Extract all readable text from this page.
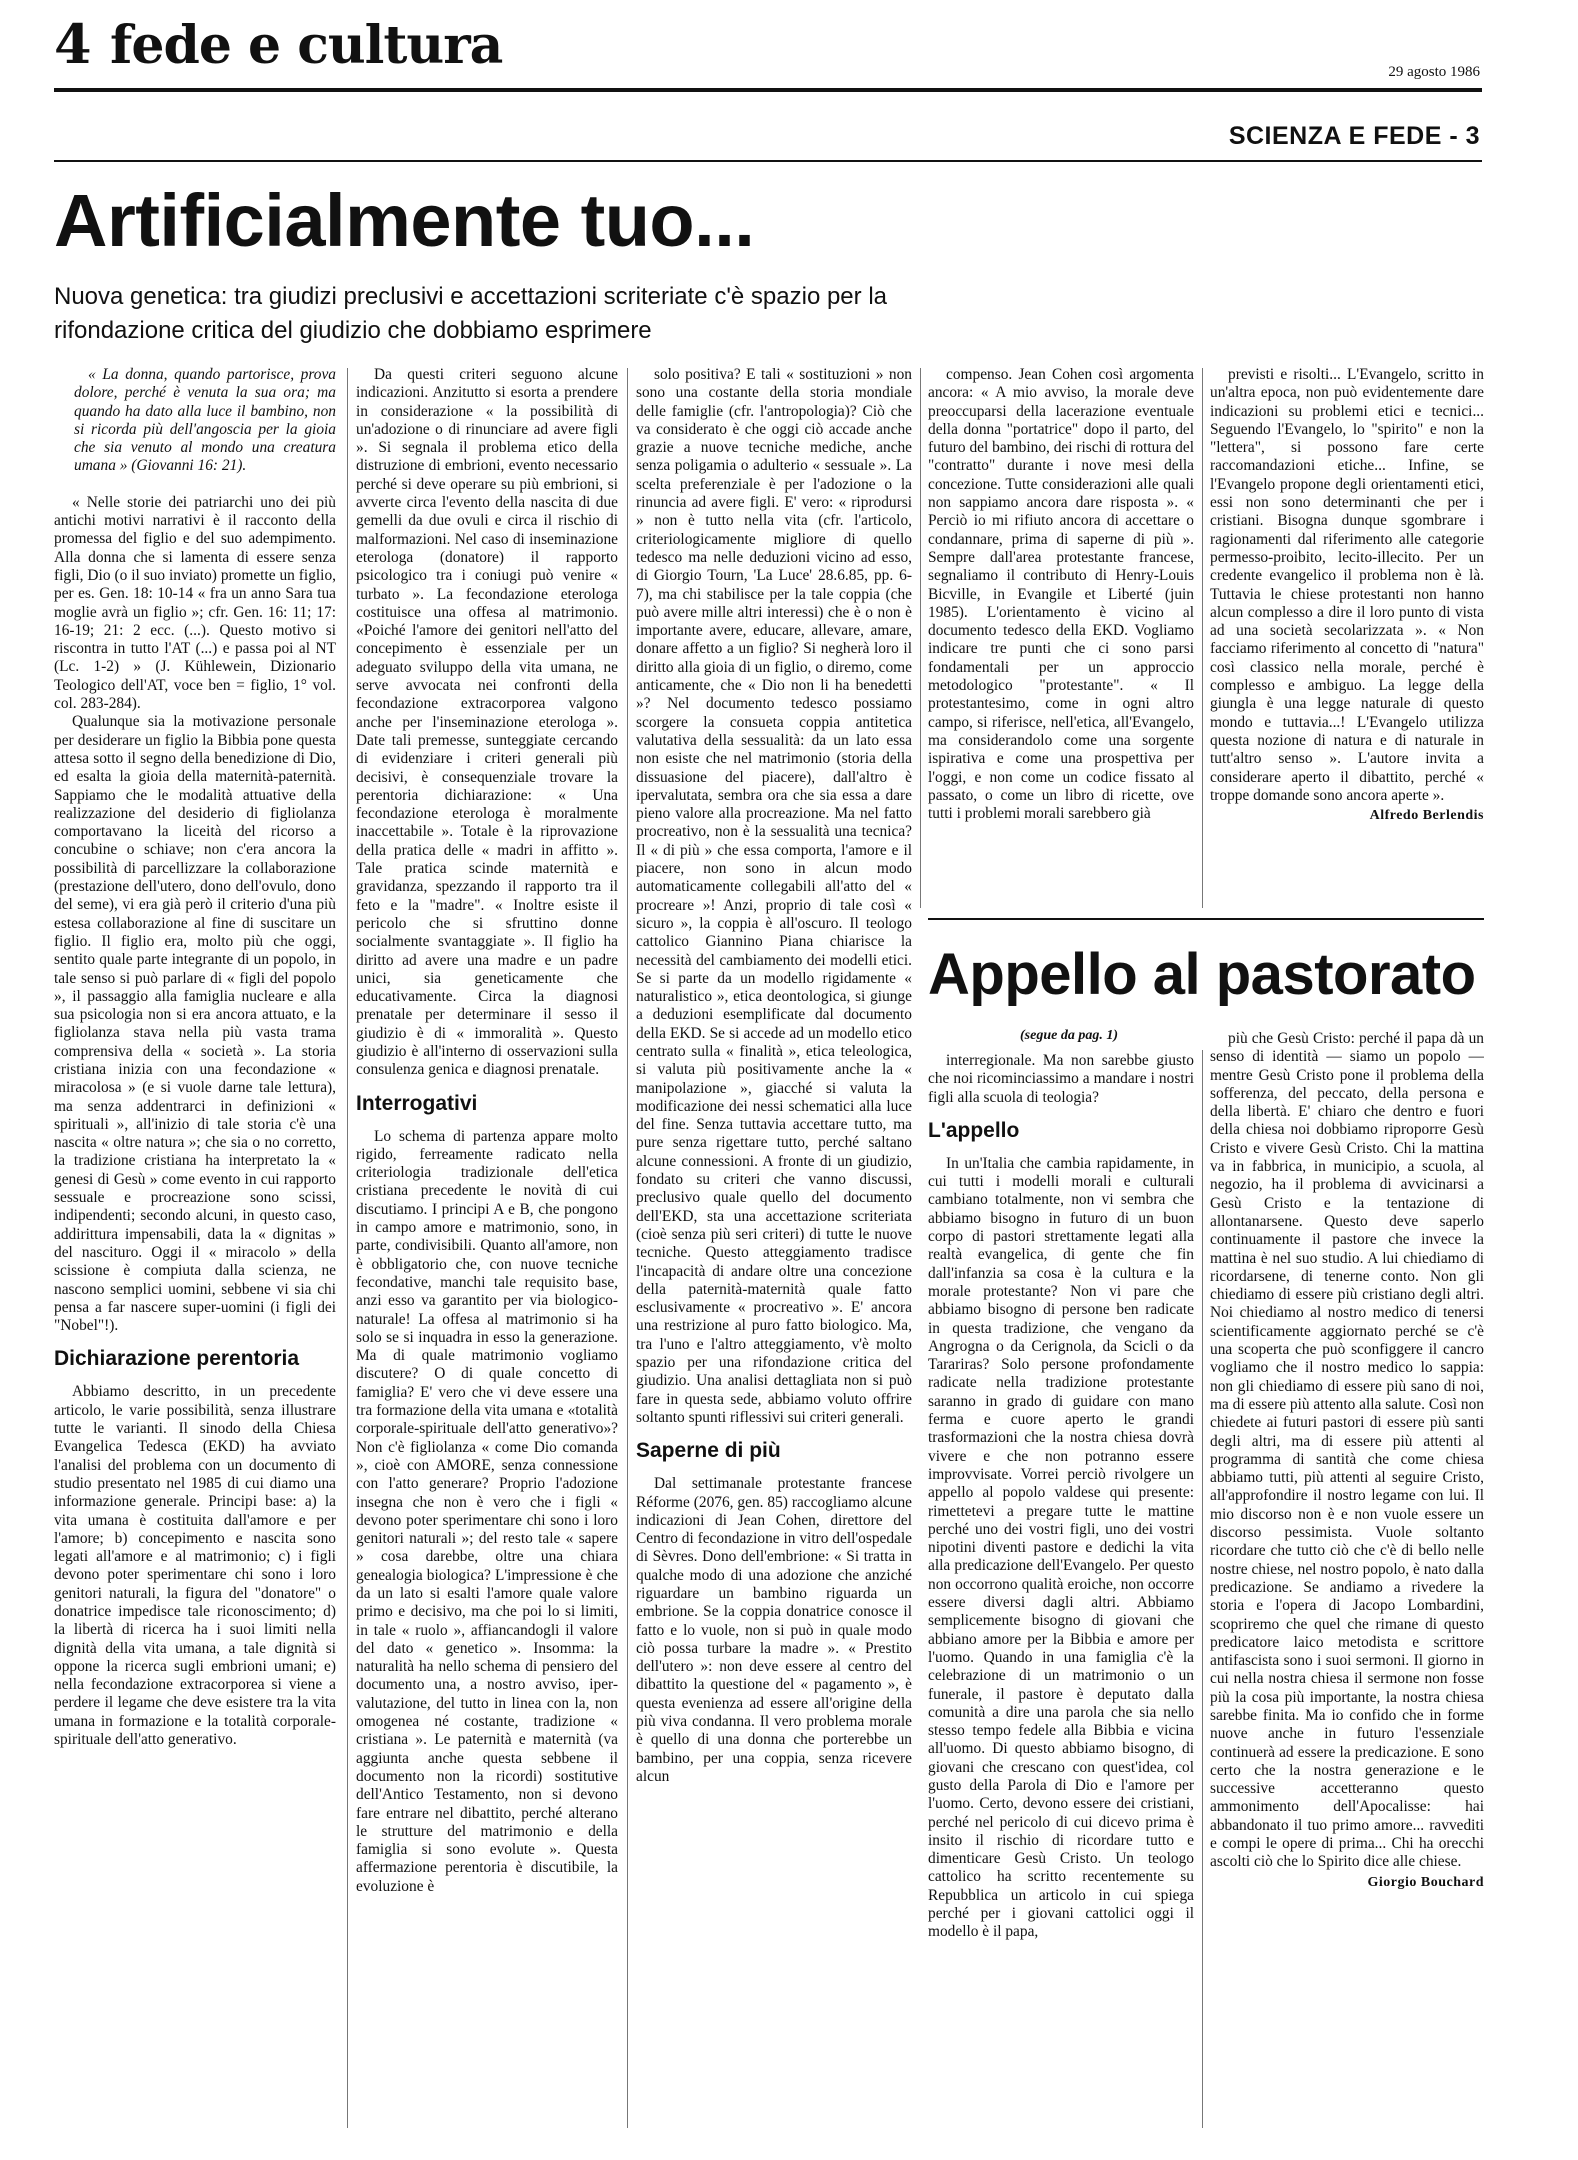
4 fede e cultura	29 agosto 1986
SCIENZA E FEDE - 3
Artificialmente tuo...
Nuova genetica: tra giudizi preclusivi e accettazioni scriteriate c'è spazio per la rifondazione critica del giudizio che dobbiamo esprimere

« La donna, quando partorisce, prova dolore, perché è venuta la sua ora; ma quando ha dato alla luce il bambino, non si ricorda più dell'angoscia per la gioia che sia venuto al mondo una creatura umana » (Giovanni 16: 21).

« Nelle storie dei patriarchi uno dei più antichi motivi narrativi è il racconto della promessa del figlio e del suo adempimento. Alla donna che si lamenta di essere senza figli, Dio (o il suo inviato) promette un figlio, per es. Gen. 18: 10-14 « fra un anno Sara tua moglie avrà un figlio »; cfr. Gen. 16: 11; 17: 16-19; 21: 2 ecc. (...). Questo motivo si riscontra in tutto l'AT (...) e passa poi al NT (Lc. 1-2) » (J. Kühlewein, Dizionario Teologico dell'AT, voce ben = figlio, 1° vol. col. 283-284).

Qualunque sia la motivazione personale per desiderare un figlio la Bibbia pone questa attesa sotto il segno della benedizione di Dio, ed esalta la gioia della maternità-paternità. Sappiamo che le modalità attuative della realizzazione del desiderio di figliolanza comportavano la liceità del ricorso a concubine o schiave; non c'era ancora la possibilità di parcellizzare la collaborazione (prestazione dell'utero, dono dell'ovulo, dono del seme), vi era già però il criterio d'una più estesa collaborazione al fine di suscitare un figlio. Il figlio era, molto più che oggi, sentito quale parte integrante di un popolo, in tale senso si può parlare di « figli del popolo », il passaggio alla famiglia nucleare e alla sua psicologia non si era ancora attuato, e la figliolanza stava nella più vasta trama comprensiva della « società ». La storia cristiana inizia con una fecondazione « miracolosa » (e si vuole darne tale lettura), ma senza addentrarci in definizioni « spirituali », all'inizio di tale storia c'è una nascita « oltre natura »; che sia o no corretto, la tradizione cristiana ha interpretato la « genesi di Gesù » come evento in cui rapporto sessuale e procreazione sono scissi, indipendenti; secondo alcuni, in questo caso, addirittura impensabili, data la « dignitas » del nascituro. Oggi il « miracolo » della scissione è compiuta dalla scienza, ne nascono semplici uomini, sebbene vi sia chi pensa a far nascere super-uomini (i figli dei "Nobel"!).

Dichiarazione perentoria

Abbiamo descritto, in un precedente articolo, le varie possibilità, senza illustrare tutte le varianti. Il sinodo della Chiesa Evangelica Tedesca (EKD) ha avviato l'analisi del problema con un documento di studio presentato nel 1985 di cui diamo una informazione generale. Principi base: a) la vita umana è costituita dall'amore e per l'amore; b) concepimento e nascita sono legati all'amore e al matrimonio; c) i figli devono poter sperimentare chi sono i loro genitori naturali, la figura del "donatore" o donatrice impedisce tale riconoscimento; d) la libertà di ricerca ha i suoi limiti nella dignità della vita umana, a tale dignità si oppone la ricerca sugli embrioni umani; e) nella fecondazione extracorporea si viene a perdere il legame che deve esistere tra la vita umana in formazione e la totalità corporale-spirituale dell'atto generativo.

Da questi criteri seguono alcune indicazioni. Anzitutto si esorta a prendere in considerazione « la possibilità di un'adozione o di rinunciare ad avere figli ». Si segnala il problema etico della distruzione di embrioni, evento necessario perché si deve operare su più embrioni, si avverte circa l'evento della nascita di due gemelli da due ovuli e circa il rischio di malformazioni. Nel caso di inseminazione eterologa (donatore) il rapporto psicologico tra i coniugi può venire « turbato ». La fecondazione eterologa costituisce una offesa al matrimonio. «Poiché l'amore dei genitori nell'atto del concepimento è essenziale per un adeguato sviluppo della vita umana, ne serve avvocata nei confronti della fecondazione extracorporea valgono anche per l'inseminazione eterologa ». Date tali premesse, sunteggiate cercando di evidenziare i criteri generali più decisivi, è consequenziale trovare la perentoria dichiarazione: « Una fecondazione eterologa è moralmente inaccettabile ». Totale è la riprovazione della pratica delle « madri in affitto ». Tale pratica scinde maternità e gravidanza, spezzando il rapporto tra il feto e la "madre". « Inoltre esiste il pericolo che si sfruttino donne socialmente svantaggiate ». Il figlio ha diritto ad avere una madre e un padre unici, sia geneticamente che educativamente. Circa la diagnosi prenatale per determinare il sesso il giudizio è di « immoralità ». Questo giudizio è all'interno di osservazioni sulla consulenza genica e diagnosi prenatale.

Interrogativi

Lo schema di partenza appare molto rigido, ferreamente radicato nella criteriologia tradizionale dell'etica cristiana precedente le novità di cui discutiamo. I principi A e B, che pongono in campo amore e matrimonio, sono, in parte, condivisibili. Quanto all'amore, non è obbligatorio che, con nuove tecniche fecondative, manchi tale requisito base, anzi esso va garantito per via biologico-naturale! La offesa al matrimonio si ha solo se si inquadra in esso la generazione. Ma di quale matrimonio vogliamo discutere? O di quale concetto di famiglia? E' vero che vi deve essere una tra formazione della vita umana e «totalità corporale-spirituale dell'atto generativo»? Non c'è figliolanza « come Dio comanda », cioè con AMORE, senza connessione con l'atto generare? Proprio l'adozione insegna che non è vero che i figli « devono poter sperimentare chi sono i loro genitori naturali »; del resto tale « sapere » cosa darebbe, oltre una chiara genealogia biologica? L'impressione è che da un lato si esalti l'amore quale valore primo e decisivo, ma che poi lo si limiti, in tale « ruolo », affiancandogli il valore del dato « genetico ». Insomma: la naturalità ha nello schema di pensiero del documento una, a nostro avviso, iper-valutazione, del tutto in linea con la, non omogenea né costante, tradizione « cristiana ». Le paternità e maternità (va aggiunta anche questa sebbene il documento non la ricordi) sostitutive dell'Antico Testamento, non si devono fare entrare nel dibattito, perché alterano le strutture del matrimonio e della famiglia si sono evolute ». Questa affermazione perentoria è discutibile, la evoluzione è

solo positiva? E tali « sostituzioni » non sono una costante della storia mondiale delle famiglie (cfr. l'antropologia)? Ciò che va considerato è che oggi ciò accade anche grazie a nuove tecniche mediche, anche senza poligamia o adulterio « sessuale ». La scelta preferenziale è per l'adozione o la rinuncia ad avere figli. E' vero: « riprodursi » non è tutto nella vita (cfr. l'articolo, criteriologicamente migliore di quello tedesco ma nelle deduzioni vicino ad esso, di Giorgio Tourn, 'La Luce' 28.6.85, pp. 6-7), ma chi stabilisce per la tale coppia (che può avere mille altri interessi) che è o non è importante avere, educare, allevare, amare, donare affetto a un figlio? Si negherà loro il diritto alla gioia di un figlio, o diremo, come anticamente, che « Dio non li ha benedetti »? Nel documento tedesco possiamo scorgere la consueta coppia antitetica valutativa della sessualità: da un lato essa non esiste che nel matrimonio (storia della dissuasione del piacere), dall'altro è ipervalutata, sembra ora che sia essa a dare pieno valore alla procreazione. Ma nel fatto procreativo, non è la sessualità una tecnica? Il « di più » che essa comporta, l'amore e il piacere, non sono in alcun modo automaticamente collegabili all'atto del « procreare »! Anzi, proprio di tale così « sicuro », la coppia è all'oscuro. Il teologo cattolico Giannino Piana chiarisce la necessità del cambiamento dei modelli etici. Se si parte da un modello rigidamente « naturalistico », etica deontologica, si giunge a deduzioni esemplificate dal documento della EKD. Se si accede ad un modello etico centrato sulla « finalità », etica teleologica, si valuta più positivamente anche la « manipolazione », giacché si valuta la modificazione dei nessi schematici alla luce del fine. Senza tuttavia accettare tutto, ma pure senza rigettare tutto, perché saltano alcune connessioni. A fronte di un giudizio, fondato su criteri che vanno discussi, preclusivo quale quello del documento dell'EKD, sta una accettazione scriteriata (cioè senza più seri criteri) di tutte le nuove tecniche. Questo atteggiamento tradisce l'incapacità di andare oltre una concezione della paternità-maternità quale fatto esclusivamente « procreativo ». E' ancora una restrizione al puro fatto biologico. Ma, tra l'uno e l'altro atteggiamento, v'è molto spazio per una rifondazione critica del giudizio. Una analisi dettagliata non si può fare in questa sede, abbiamo voluto offrire soltanto spunti riflessivi sui criteri generali.

Saperne di più

Dal settimanale protestante francese Réforme (2076, gen. 85) raccogliamo alcune indicazioni di Jean Cohen, direttore del Centro di fecondazione in vitro dell'ospedale di Sèvres. Dono dell'embrione: « Si tratta in qualche modo di una adozione che anziché riguardare un bambino riguarda un embrione. Se la coppia donatrice conosce il fatto e lo vuole, non si può in quale modo ciò possa turbare la madre ». « Prestito dell'utero »: non deve essere al centro del dibattito la questione del « pagamento », è questa evenienza ad essere all'origine della più viva condanna. Il vero problema morale è quello di una donna che porterebbe un bambino, per una coppia, senza ricevere alcun

compenso. Jean Cohen così argomenta ancora: « A mio avviso, la morale deve preoccuparsi della lacerazione eventuale della donna "portatrice" dopo il parto, del futuro del bambino, dei rischi di rottura del "contratto" durante i nove mesi della concezione. Tutte considerazioni alle quali non sappiamo ancora dare risposta ». « Perciò io mi rifiuto ancora di accettare o condannare, prima di saperne di più ». Sempre dall'area protestante francese, segnaliamo il contributo di Henry-Louis Bicville, in Evangile et Liberté (juin 1985). L'orientamento è vicino al documento tedesco della EKD. Vogliamo indicare tre punti che ci sono parsi fondamentali per un approccio metodologico "protestante". « Il protestantesimo, come in ogni altro campo, si riferisce, nell'etica, all'Evangelo, ma considerandolo come una sorgente ispirativa e come una prospettiva per l'oggi, e non come un codice fissato al passato, o come un libro di ricette, ove tutti i problemi morali sarebbero già

previsti e risolti... L'Evangelo, scritto in un'altra epoca, non può evidentemente dare indicazioni su problemi etici e tecnici... Seguendo l'Evangelo, lo "spirito" e non la "lettera", si possono fare certe raccomandazioni etiche... Infine, se l'Evangelo propone degli orientamenti etici, essi non sono determinanti che per i cristiani. Bisogna dunque sgombrare i ragionamenti dal riferimento alle categorie permesso-proibito, lecito-illecito. Per un credente evangelico il problema non è là. Tuttavia le chiese protestanti non hanno alcun complesso a dire il loro punto di vista ad una società secolarizzata ». « Non facciamo riferimento al concetto di "natura" così classico nella morale, perché è complesso e ambiguo. La legge della giungla è una legge naturale di questo mondo e tuttavia...! L'Evangelo utilizza questa nozione di natura e di naturale in tutt'altro senso ». L'autore invita a considerare aperto il dibattito, perché « troppe domande sono ancora aperte ».

Alfredo Berlendis
Appello al pastorato
(segue da pag. 1)

interregionale. Ma non sarebbe giusto che noi ricominciassimo a mandare i nostri figli alla scuola di teologia?

L'appello

In un'Italia che cambia rapidamente, in cui tutti i modelli morali e culturali cambiano totalmente, non vi sembra che abbiamo bisogno in futuro di un buon corpo di pastori strettamente legati alla realtà evangelica, di gente che fin dall'infanzia sa cosa è la cultura e la morale protestante? Non vi pare che abbiamo bisogno di persone ben radicate in questa tradizione, che vengano da Angrogna o da Cerignola, da Scicli o da Tarariras? Solo persone profondamente radicate nella tradizione protestante saranno in grado di guidare con mano ferma e cuore aperto le grandi trasformazioni che la nostra chiesa dovrà vivere e che non potranno essere improvvisate. Vorrei perciò rivolgere un appello al popolo valdese qui presente: rimettetevi a pregare tutte le mattine perché uno dei vostri figli, uno dei vostri nipotini diventi pastore e dedichi la vita alla predicazione dell'Evangelo. Per questo non occorrono qualità eroiche, non occorre essere diversi dagli altri. Abbiamo semplicemente bisogno di giovani che abbiano amore per la Bibbia e amore per l'uomo. Quando in una famiglia c'è la celebrazione di un matrimonio o un funerale, il pastore è deputato dalla comunità a dire una parola che sia nello stesso tempo fedele alla Bibbia e vicina all'uomo. Di questo abbiamo bisogno, di giovani che crescano con quest'idea, col gusto della Parola di Dio e l'amore per l'uomo. Certo, devono essere dei cristiani, perché nel pericolo di cui dicevo prima è insito il rischio di ricordare tutto e dimenticare Gesù Cristo. Un teologo cattolico ha scritto recentemente su Repubblica un articolo in cui spiega perché per i giovani cattolici oggi il modello è il papa,

più che Gesù Cristo: perché il papa dà un senso di identità — siamo un popolo — mentre Gesù Cristo pone il problema della sofferenza, del peccato, della persona e della libertà. E' chiaro che dentro e fuori della chiesa noi dobbiamo riproporre Gesù Cristo e vivere Gesù Cristo. Chi la mattina va in fabbrica, in municipio, a scuola, al negozio, ha il problema di avvicinarsi a Gesù Cristo e la tentazione di allontanarsene. Questo deve saperlo continuamente il pastore che invece la mattina è nel suo studio. A lui chiediamo di ricordarsene, di tenerne conto. Non gli chiediamo di essere più cristiano degli altri. Noi chiediamo al nostro medico di tenersi scientificamente aggiornato perché se c'è una scoperta che può sconfiggere il cancro vogliamo che il nostro medico lo sappia: non gli chiediamo di essere più sano di noi, ma di essere più attento alla salute. Così non chiedete ai futuri pastori di essere più santi degli altri, ma di essere più attenti al programma di santità che come chiesa abbiamo tutti, più attenti al seguire Cristo, all'approfondire il nostro legame con lui. Il mio discorso non è e non vuole essere un discorso pessimista. Vuole soltanto ricordare che tutto ciò che c'è di bello nelle nostre chiese, nel nostro popolo, è nato dalla predicazione. Se andiamo a rivedere la storia e l'opera di Jacopo Lombardini, scopriremo che quel che rimane di questo predicatore laico metodista e scrittore antifascista sono i suoi sermoni. Il giorno in cui nella nostra chiesa il sermone non fosse più la cosa più importante, la nostra chiesa sarebbe finita. Ma io confido che in forme nuove anche in futuro l'essenziale continuerà ad essere la predicazione. E sono certo che la nostra generazione e le successive accetteranno questo ammonimento dell'Apocalisse: hai abbandonato il tuo primo amore... ravvediti e compi le opere di prima... Chi ha orecchi ascolti ciò che lo Spirito dice alle chiese.

Giorgio Bouchard
